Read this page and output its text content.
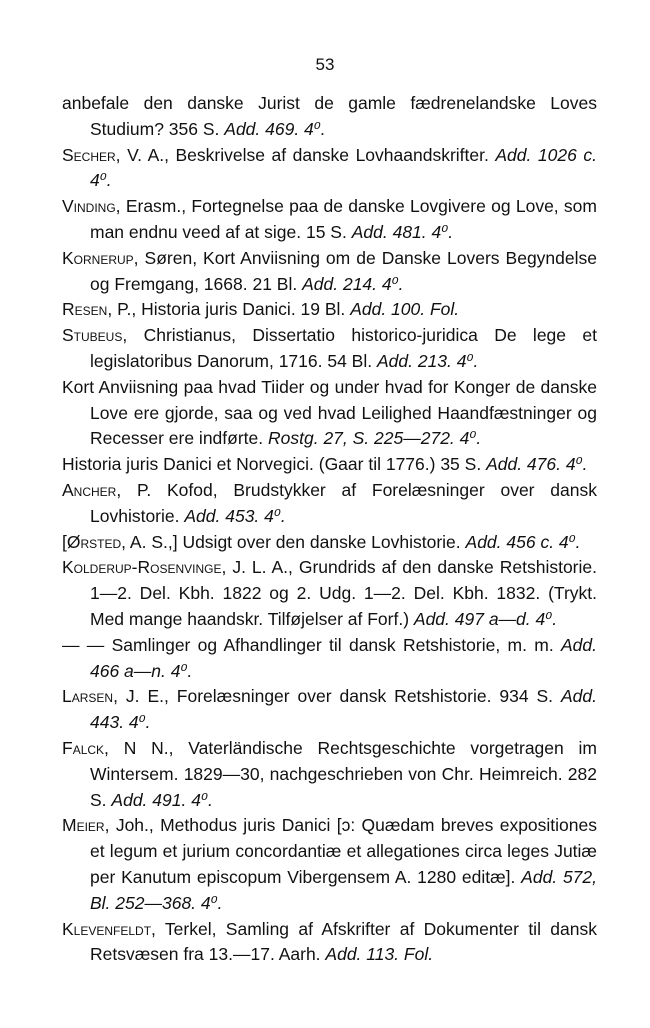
53

anbefale den danske Jurist de gamle fædrenelandske Loves Studium? 356 S. Add. 469. 4⁰.

Secher, V. A., Beskrivelse af danske Lovhaandskrifter. Add. 1026 c. 4⁰.

Vinding, Erasm., Fortegnelse paa de danske Lovgivere og Love, som man endnu veed af at sige. 15 S. Add. 481. 4⁰.

Kornerup, Søren, Kort Anviisning om de Danske Lovers Begyndelse og Fremgang, 1668. 21 Bl. Add. 214. 4⁰.

Resen, P., Historia juris Danici. 19 Bl. Add. 100. Fol.

Stubeus, Christianus, Dissertatio historico-juridica De lege et legislatoribus Danorum, 1716. 54 Bl. Add. 213. 4⁰.

Kort Anviisning paa hvad Tiider og under hvad for Konger de danske Love ere gjorde, saa og ved hvad Leilighed Haandfæstninger og Recesser ere indførte. Rostg. 27, S. 225—272. 4⁰.

Historia juris Danici et Norvegici. (Gaar til 1776.) 35 S. Add. 476. 4⁰.

Ancher, P. Kofod, Brudstykker af Forelæsninger over dansk Lovhistorie. Add. 453. 4⁰.

[Ørsted, A. S.,] Udsigt over den danske Lovhistorie. Add. 456 c. 4⁰.

Kolderup-Rosenvinge, J. L. A., Grundrids af den danske Retshistorie. 1—2. Del. Kbh. 1822 og 2. Udg. 1—2. Del. Kbh. 1832. (Trykt. Med mange haandskr. Tilføjelser af Forf.) Add. 497 a—d. 4⁰.

— — Samlinger og Afhandlinger til dansk Retshistorie, m. m. Add. 466 a—n. 4⁰.

Larsen, J. E., Forelæsninger over dansk Retshistorie. 934 S. Add. 443. 4⁰.

Falck, N N., Vaterländische Rechtsgeschichte vorgetragen im Wintersem. 1829—30, nachgeschrieben von Chr. Heimreich. 282 S. Add. 491. 4⁰.

Meier, Joh., Methodus juris Danici [ɔ: Quædam breves expositiones et legum et jurium concordantiæ et allegationes circa leges Jutiæ per Kanutum episcopum Vibergensem A. 1280 editæ]. Add. 572, Bl. 252—368. 4⁰.

Klevenfeldt, Terkel, Samling af Afskrifter af Dokumenter til dansk Retsvæsen fra 13.—17. Aarh. Add. 113. Fol.
